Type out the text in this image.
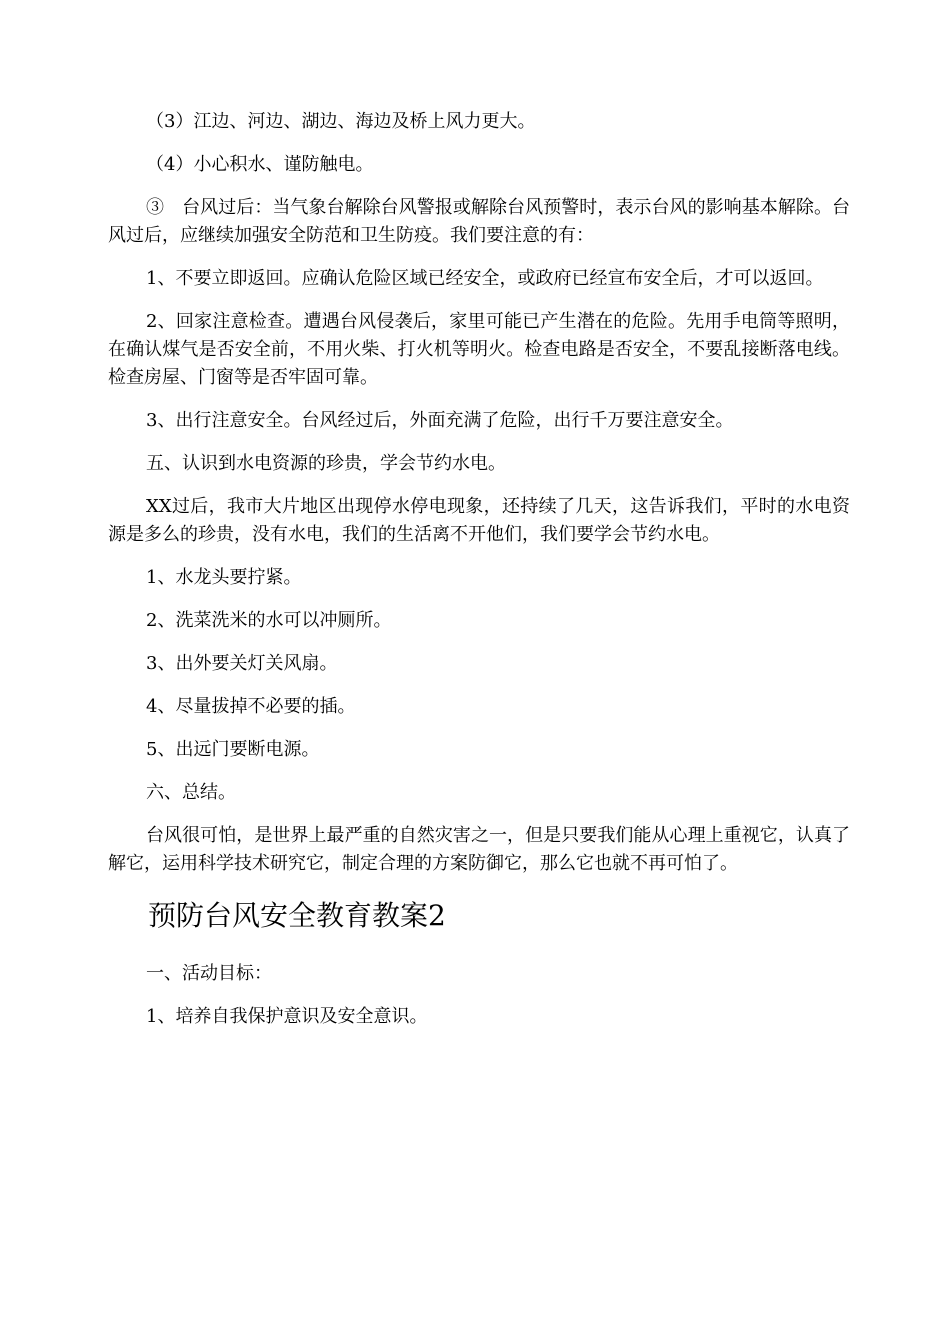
（3）江边、河边、湖边、海边及桥上风力更大。

（4）小心积水、谨防触电。

③　台风过后：当气象台解除台风警报或解除台风预警时，表示台风的影响基本解除。台风过后，应继续加强安全防范和卫生防疫。我们要注意的有：

1、不要立即返回。应确认危险区域已经安全，或政府已经宣布安全后，才可以返回。

2、回家注意检查。遭遇台风侵袭后，家里可能已产生潜在的危险。先用手电筒等照明，在确认煤气是否安全前，不用火柴、打火机等明火。检查电路是否安全，不要乱接断落电线。检查房屋、门窗等是否牢固可靠。

3、出行注意安全。台风经过后，外面充满了危险，出行千万要注意安全。

五、认识到水电资源的珍贵，学会节约水电。

XX过后，我市大片地区出现停水停电现象，还持续了几天，这告诉我们，平时的水电资源是多么的珍贵，没有水电，我们的生活离不开他们，我们要学会节约水电。

1、水龙头要拧紧。

2、洗菜洗米的水可以冲厕所。

3、出外要关灯关风扇。

4、尽量拔掉不必要的插。

5、出远门要断电源。

六、总结。

台风很可怕，是世界上最严重的自然灾害之一，但是只要我们能从心理上重视它，认真了解它，运用科学技术研究它，制定合理的方案防御它，那么它也就不再可怕了。

预防台风安全教育教案2

一、活动目标：

1、培养自我保护意识及安全意识。
